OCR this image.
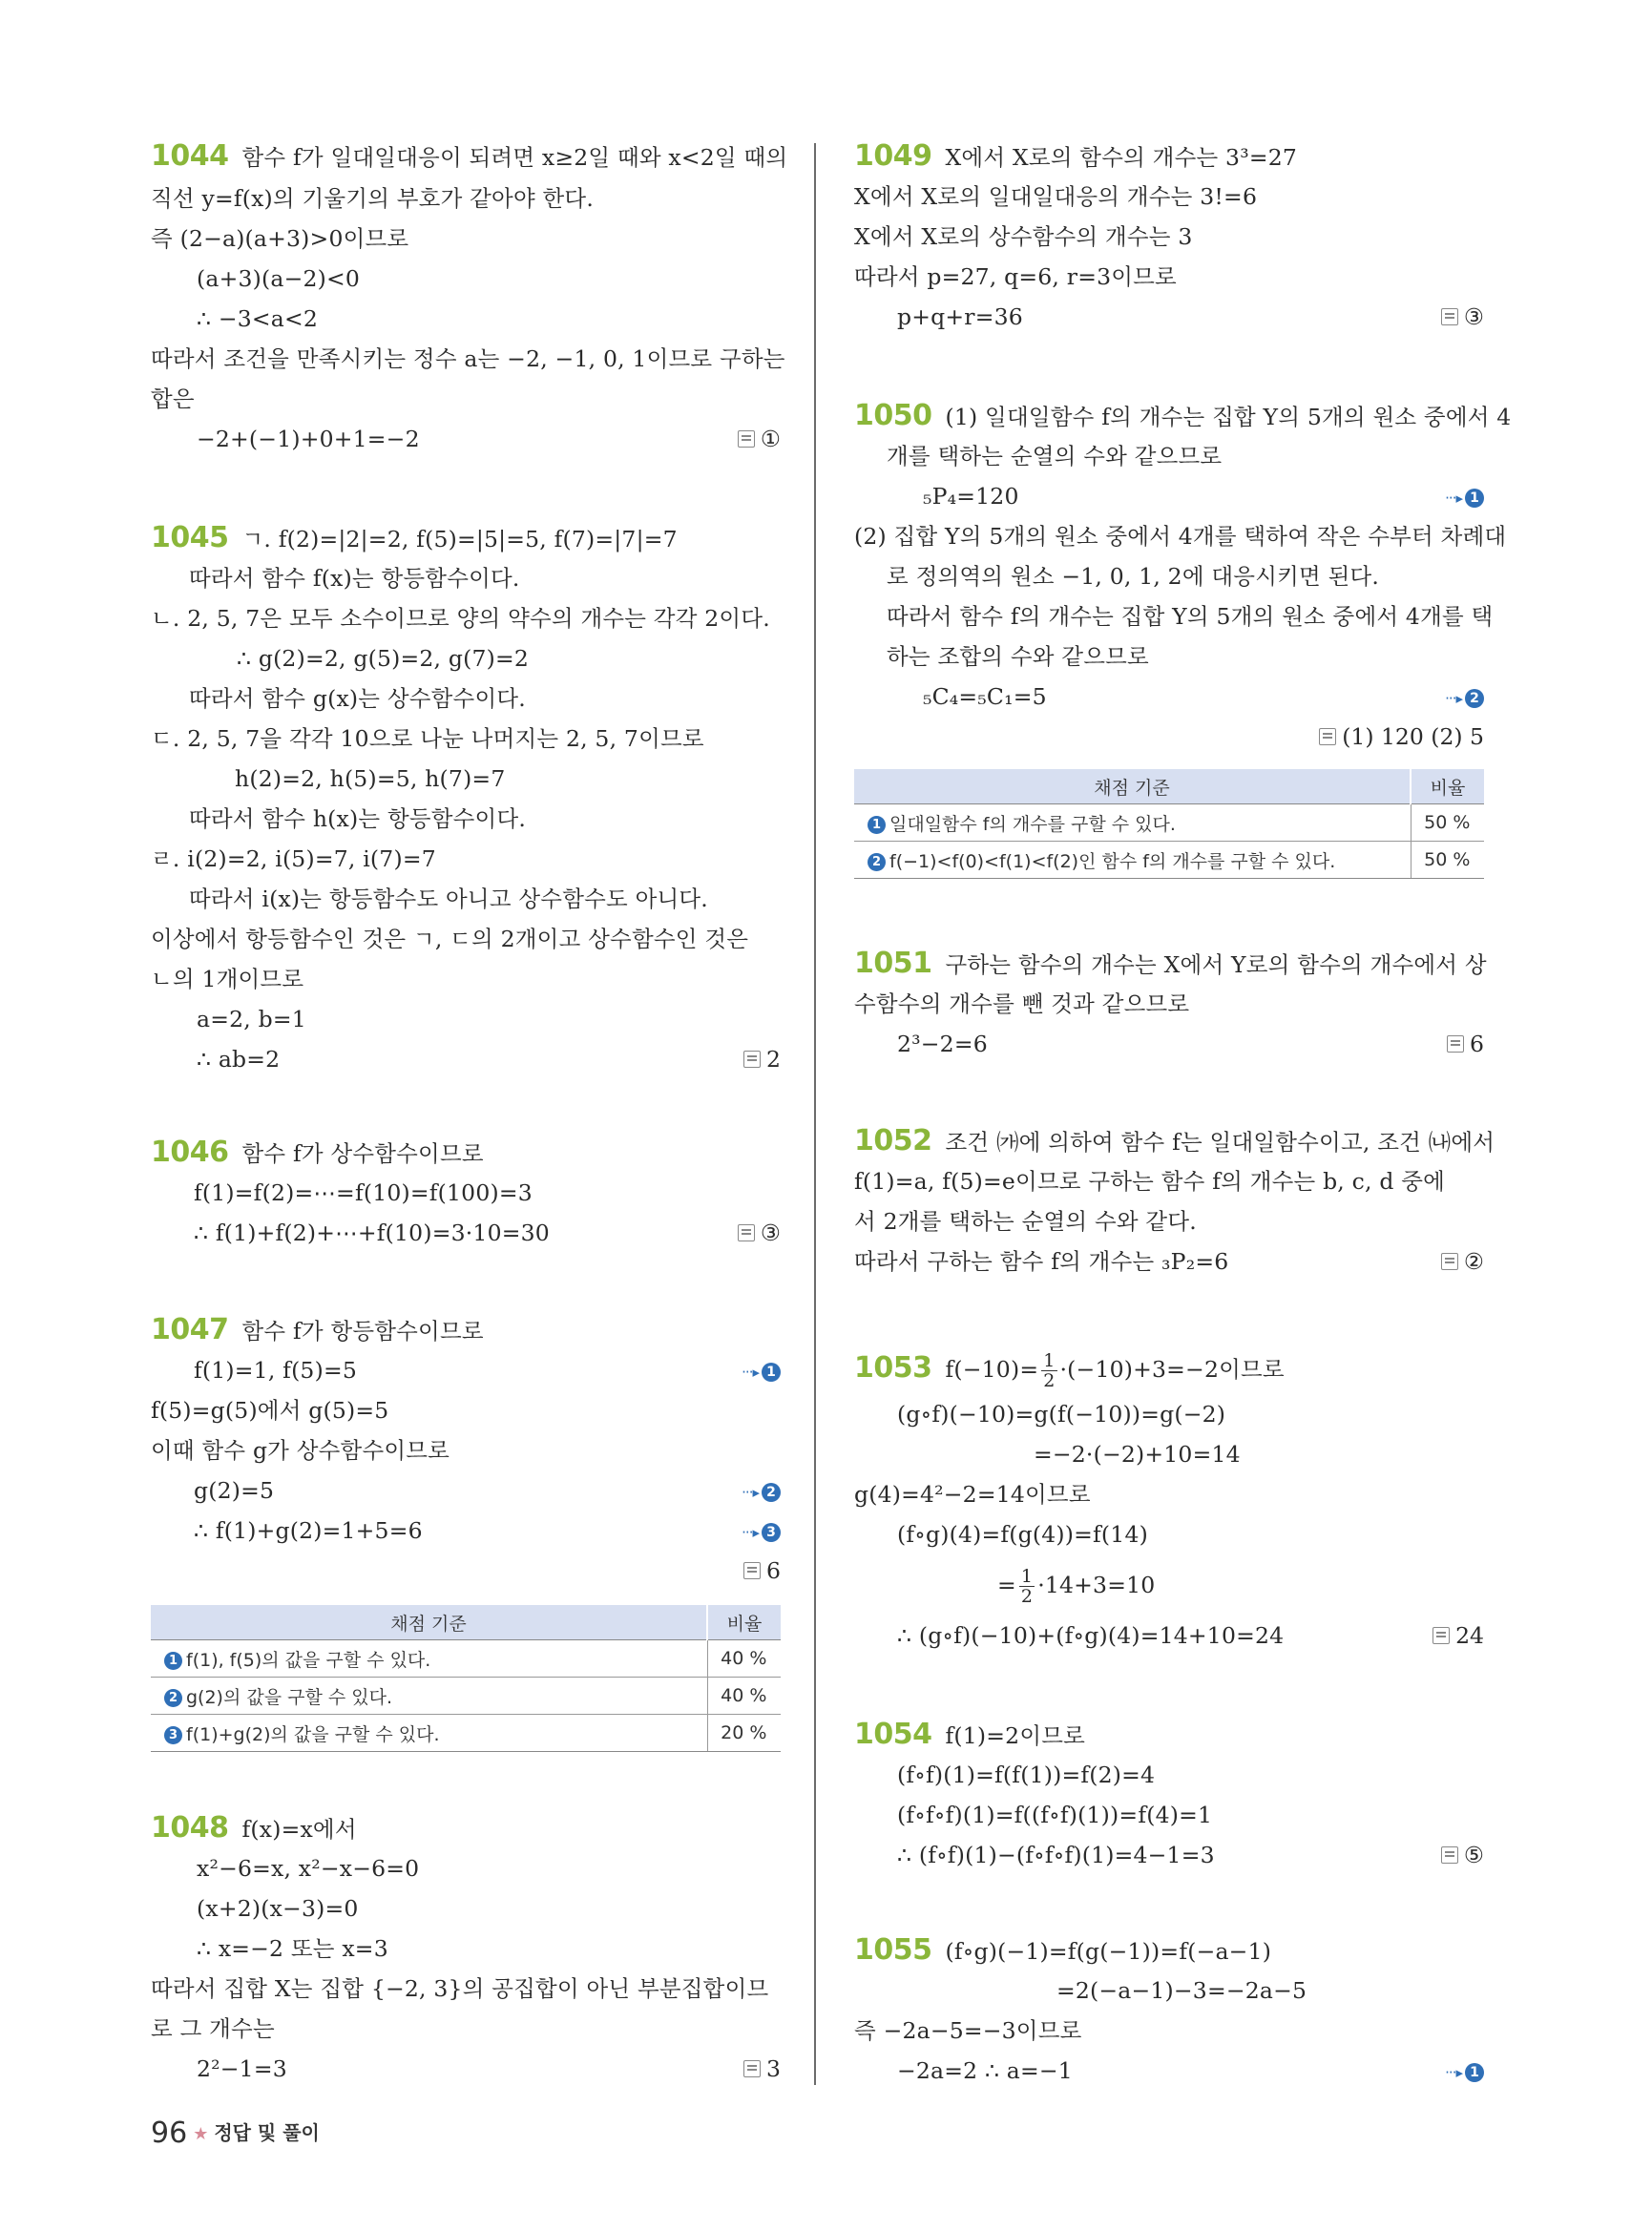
1044 함수 f가 일대일대응이 되려면 x≥2일 때와 x<2일 때의
직선 y=f(x)의 기울기의 부호가 같아야 한다.
즉 (2−a)(a+3)>0이므로
(a+3)(a−2)<0
∴ −3<a<2
따라서 조건을 만족시키는 정수 a는 −2, −1, 0, 1이므로 구하는
합은
−2+(−1)+0+1=−2	①
1045 ㄱ. f(2)=|2|=2, f(5)=|5|=5, f(7)=|7|=7
따라서 함수 f(x)는 항등함수이다.
ㄴ. 2, 5, 7은 모두 소수이므로 양의 약수의 개수는 각각 2이다.
∴ g(2)=2, g(5)=2, g(7)=2
따라서 함수 g(x)는 상수함수이다.
ㄷ. 2, 5, 7을 각각 10으로 나눈 나머지는 2, 5, 7이므로
h(2)=2, h(5)=5, h(7)=7
따라서 함수 h(x)는 항등함수이다.
ㄹ. i(2)=2, i(5)=7, i(7)=7
따라서 i(x)는 항등함수도 아니고 상수함수도 아니다.
이상에서 항등함수인 것은 ㄱ, ㄷ의 2개이고 상수함수인 것은
ㄴ의 1개이므로
a=2, b=1
∴ ab=2	2
1046 함수 f가 상수함수이므로
f(1)=f(2)=⋯=f(10)=f(100)=3
∴ f(1)+f(2)+⋯+f(10)=3·10=30	③
1047 함수 f가 항등함수이므로
f(1)=1, f(5)=5	···▸ 1
f(5)=g(5)에서 g(5)=5
이때 함수 g가 상수함수이므로
g(2)=5	···▸ 2
∴ f(1)+g(2)=1+5=6	···▸ 3
6
채점 기준	비율
1 f(1), f(5)의 값을 구할 수 있다.	40 %
2 g(2)의 값을 구할 수 있다.	40 %
3 f(1)+g(2)의 값을 구할 수 있다.	20 %
1048 f(x)=x에서
x²−6=x, x²−x−6=0
(x+2)(x−3)=0
∴ x=−2 또는 x=3
따라서 집합 X는 집합 {−2, 3}의 공집합이 아닌 부분집합이므
로 그 개수는
2²−1=3	3
1049 X에서 X로의 함수의 개수는 3³=27
X에서 X로의 일대일대응의 개수는 3!=6
X에서 X로의 상수함수의 개수는 3
따라서 p=27, q=6, r=3이므로
p+q+r=36	③
1050 (1) 일대일함수 f의 개수는 집합 Y의 5개의 원소 중에서 4
개를 택하는 순열의 수와 같으므로
₅P₄=120	···▸ 1
(2) 집합 Y의 5개의 원소 중에서 4개를 택하여 작은 수부터 차례대
로 정의역의 원소 −1, 0, 1, 2에 대응시키면 된다.
따라서 함수 f의 개수는 집합 Y의 5개의 원소 중에서 4개를 택
하는 조합의 수와 같으므로
₅C₄=₅C₁=5	···▸ 2
(1) 120 (2) 5
채점 기준	비율
1 일대일함수 f의 개수를 구할 수 있다.	50 %
2 f(−1)<f(0)<f(1)<f(2)인 함수 f의 개수를 구할 수 있다.	50 %
1051 구하는 함수의 개수는 X에서 Y로의 함수의 개수에서 상
수함수의 개수를 뺀 것과 같으므로
2³−2=6	6
1052 조건 ㈎에 의하여 함수 f는 일대일함수이고, 조건 ㈏에서
f(1)=a, f(5)=e이므로 구하는 함수 f의 개수는 b, c, d 중에
서 2개를 택하는 순열의 수와 같다.
따라서 구하는 함수 f의 개수는 ₃P₂=6	②
1053 $f(-10)= \frac{1}{2} \cdot(-10)+3=-2$이므로
(g∘f)(−10)=g(f(−10))=g(−2)
=−2·(−2)+10=14
g(4)=4²−2=14이므로
(f∘g)(4)=f(g(4))=f(14)
= $\frac{1}{2} \cdot 14+3=10$
∴ (g∘f)(−10)+(f∘g)(4)=14+10=24	24
1054 f(1)=2이므로
(f∘f)(1)=f(f(1))=f(2)=4
(f∘f∘f)(1)=f((f∘f)(1))=f(4)=1
∴ (f∘f)(1)−(f∘f∘f)(1)=4−1=3	⑤
1055 (f∘g)(−1)=f(g(−1))=f(−a−1)
=2(−a−1)−3=−2a−5
즉 −2a−5=−3이므로
−2a=2 ∴ a=−1	···▸ 1
96 ★ 정답 및 풀이
